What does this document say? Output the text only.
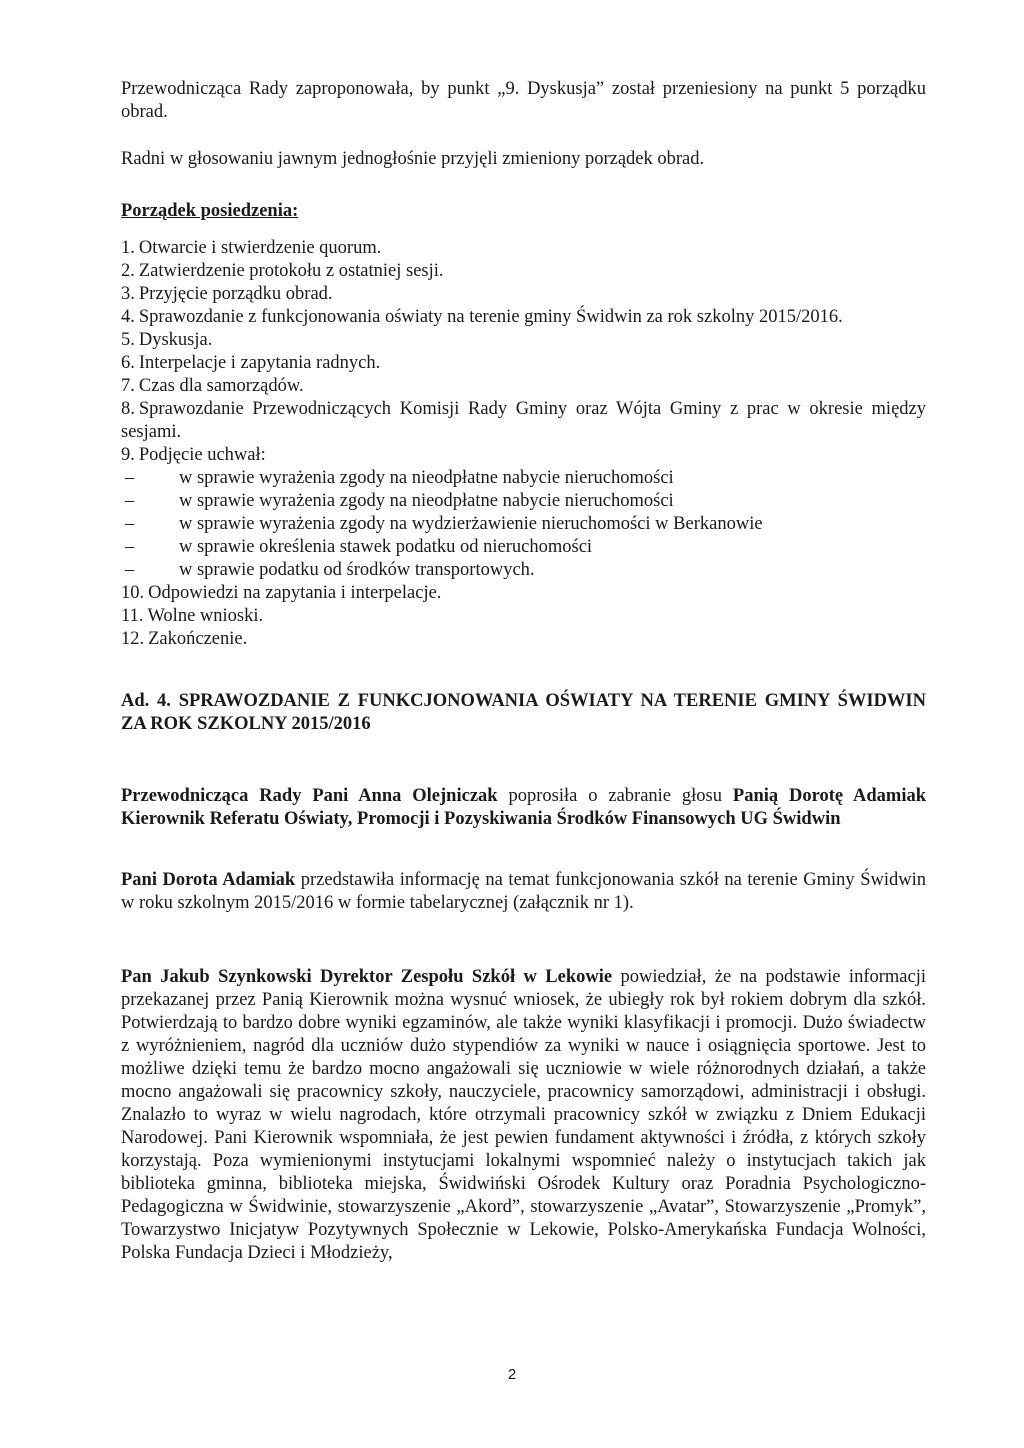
Przewodnicząca Rady zaproponowała, by punkt „9. Dyskusja” został przeniesiony na punkt 5 porządku obrad.

Radni w głosowaniu jawnym jednogłośnie przyjęli zmieniony porządek obrad.

Porządek posiedzenia:

1. Otwarcie i stwierdzenie quorum.
2. Zatwierdzenie protokołu z ostatniej sesji.
3. Przyjęcie porządku obrad.
4. Sprawozdanie z funkcjonowania oświaty na terenie gminy Świdwin za rok szkolny 2015/2016.
5. Dyskusja.
6. Interpelacje i zapytania radnych.
7. Czas dla samorządów.
8. Sprawozdanie Przewodniczących Komisji Rady Gminy oraz Wójta Gminy z prac w okresie między sesjami.
9. Podjęcie uchwał:
–	w sprawie wyrażenia zgody na nieodpłatne nabycie nieruchomości
–	w sprawie wyrażenia zgody na nieodpłatne nabycie nieruchomości
–	w sprawie wyrażenia zgody na wydzierżawienie nieruchomości w Berkanowie
–	w sprawie określenia stawek podatku od nieruchomości
–	w sprawie podatku od środków transportowych.
10. Odpowiedzi na zapytania i interpelacje.
11. Wolne wnioski.
12. Zakończenie.

Ad. 4. SPRAWOZDANIE Z FUNKCJONOWANIA OŚWIATY NA TERENIE GMINY ŚWIDWIN ZA ROK SZKOLNY 2015/2016

Przewodnicząca Rady Pani Anna Olejniczak poprosiła o zabranie głosu Panią Dorotę Adamiak Kierownik Referatu Oświaty, Promocji i Pozyskiwania Środków Finansowych UG Świdwin

Pani Dorota Adamiak przedstawiła informację na temat funkcjonowania szkół na terenie Gminy Świdwin w roku szkolnym 2015/2016 w formie tabelarycznej (załącznik nr 1).

Pan Jakub Szynkowski Dyrektor Zespołu Szkół w Lekowie powiedział, że na podstawie informacji przekazanej przez Panią Kierownik można wysnuć wniosek, że ubiegły rok był rokiem dobrym dla szkół. Potwierdzają to bardzo dobre wyniki egzaminów, ale także wyniki klasyfikacji i promocji. Dużo świadectw z wyróżnieniem, nagród dla uczniów dużo stypendiów za wyniki w nauce i osiągnięcia sportowe. Jest to możliwe dzięki temu że bardzo mocno angażowali się uczniowie w wiele różnorodnych działań, a także mocno angażowali się pracownicy szkoły, nauczyciele, pracownicy samorządowi, administracji i obsługi. Znalazło to wyraz w wielu nagrodach, które otrzymali pracownicy szkół w związku z Dniem Edukacji Narodowej. Pani Kierownik wspomniała, że jest pewien fundament aktywności i źródła, z których szkoły korzystają. Poza wymienionymi instytucjami lokalnymi wspomnieć należy o instytucjach takich jak biblioteka gminna, biblioteka miejska, Świdwiński Ośrodek Kultury oraz Poradnia Psychologiczno-Pedagogiczna w Świdwinie, stowarzyszenie „Akord”, stowarzyszenie „Avatar”, Stowarzyszenie „Promyk”, Towarzystwo Inicjatyw Pozytywnych Społecznie w Lekowie, Polsko-Amerykańska Fundacja Wolności, Polska Fundacja Dzieci i Młodzieży,

2
